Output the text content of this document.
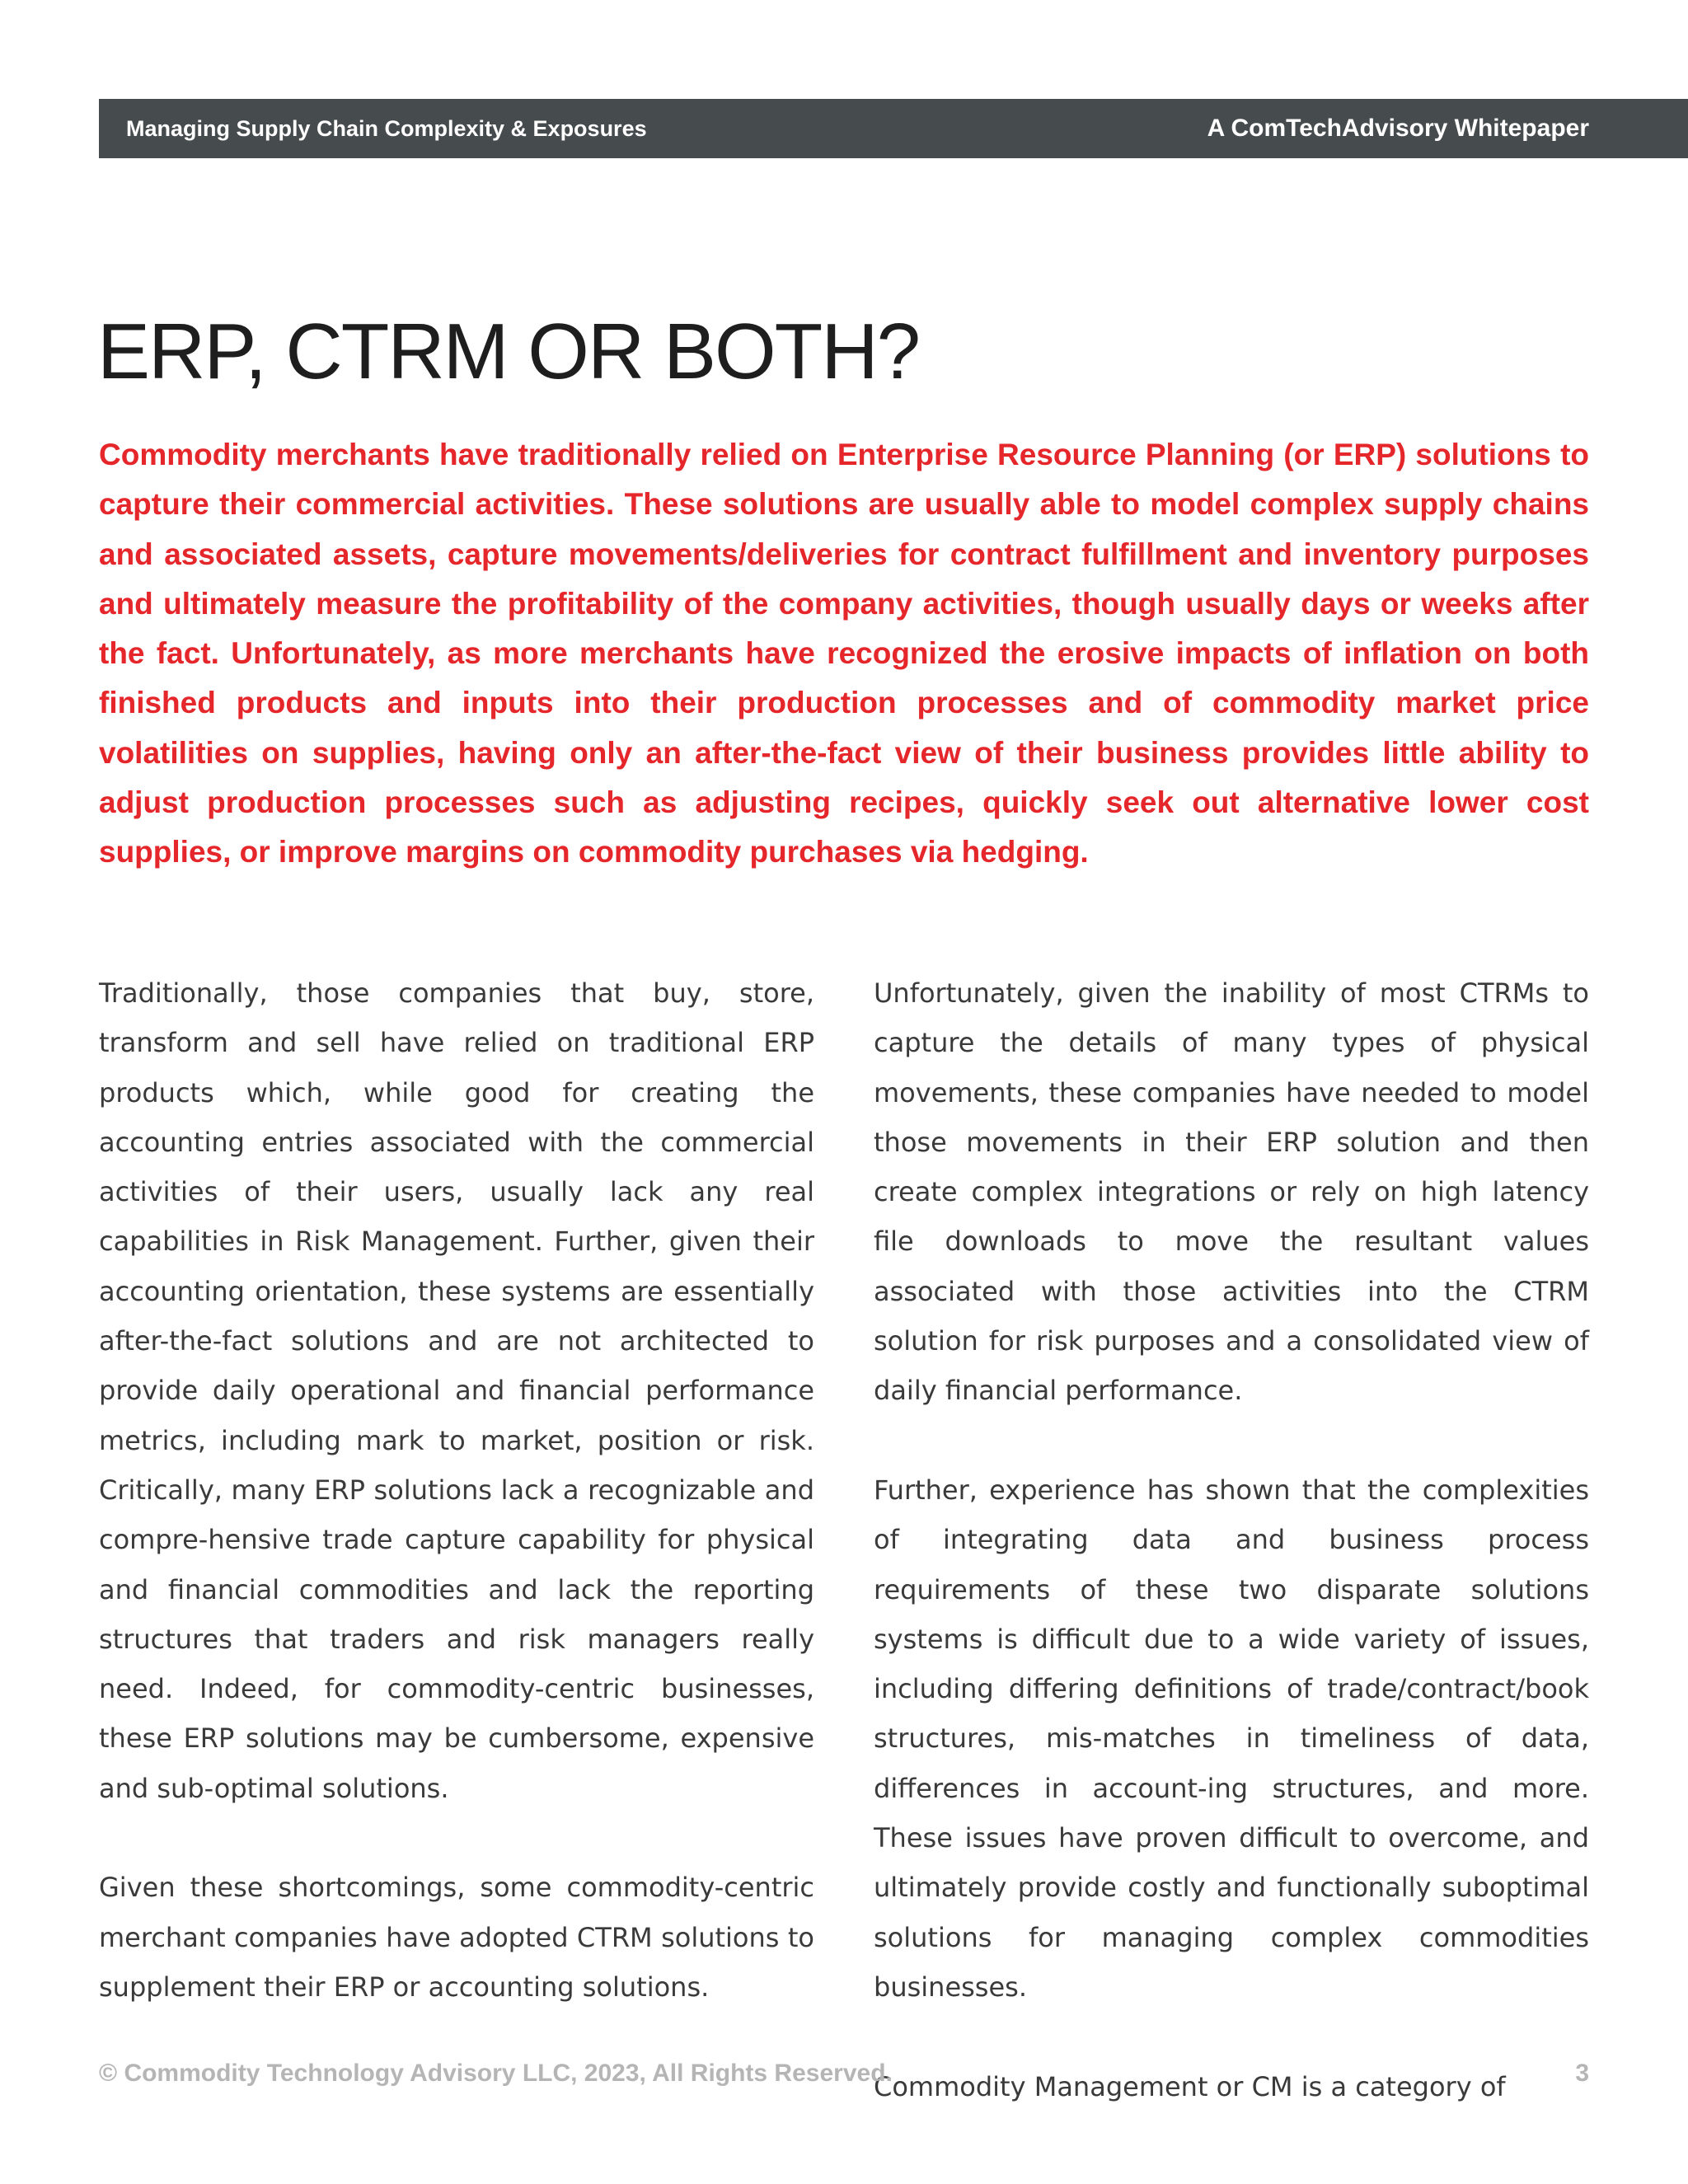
Managing Supply Chain Complexity & Exposures	A ComTechAdvisory Whitepaper
ERP, CTRM OR BOTH?

Commodity merchants have traditionally relied on Enterprise Resource Planning (or ERP) solutions to capture their commercial activities. These solutions are usually able to model complex supply chains and associated assets, capture movements/deliveries for contract fulfillment and inventory purposes and ultimately measure the profitability of the company activities, though usually days or weeks after the fact. Unfortunately, as more merchants have recognized the erosive impacts of inflation on both finished products and inputs into their production processes and of commodity market price volatilities on supplies, having only an after-the-fact view of their business provides little ability to adjust production processes such as adjusting recipes, quickly seek out alternative lower cost supplies, or improve margins on commodity purchases via hedging.

Traditionally, those companies that buy, store, transform and sell have relied on traditional ERP products which, while good for creating the accounting entries associated with the commercial activities of their users, usually lack any real capabilities in Risk Management. Further, given their accounting orientation, these systems are essentially after-the-fact solutions and are not architected to provide daily operational and financial performance metrics, including mark to market, position or risk. Critically, many ERP solutions lack a recognizable and compre-hensive trade capture capability for physical and financial commodities and lack the reporting structures that traders and risk managers really need. Indeed, for commodity-centric businesses, these ERP solutions may be cumbersome, expensive and sub-optimal solutions.

Given these shortcomings, some commodity-centric merchant companies have adopted CTRM solutions to supplement their ERP or accounting solutions.

Unfortunately, given the inability of most CTRMs to capture the details of many types of physical movements, these companies have needed to model those movements in their ERP solution and then create complex integrations or rely on high latency file downloads to move the resultant values associated with those activities into the CTRM solution for risk purposes and a consolidated view of daily financial performance.

Further, experience has shown that the complexities of integrating data and business process requirements of these two disparate solutions systems is difficult due to a wide variety of issues, including differing definitions of trade/contract/book structures, mis-matches in timeliness of data, differences in account-ing structures, and more. These issues have proven difficult to overcome, and ultimately provide costly and functionally suboptimal solutions for managing complex commodities businesses.

Commodity Management or CM is a category of

© Commodity Technology Advisory LLC, 2023, All Rights Reserved.	3
